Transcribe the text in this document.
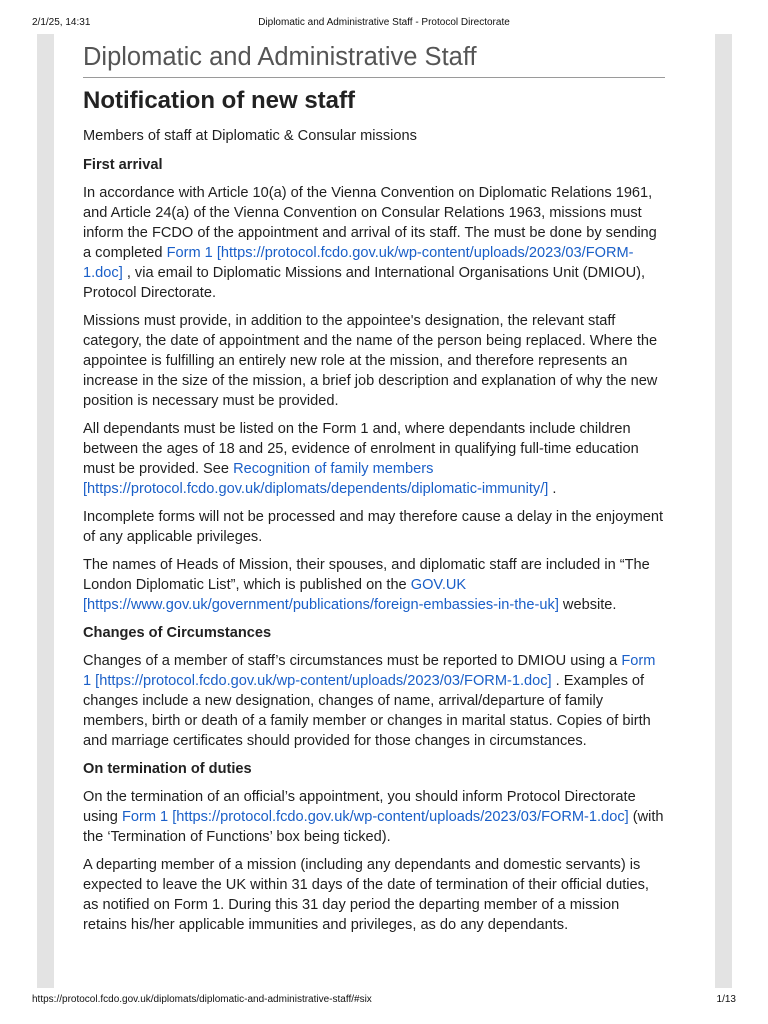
2/1/25, 14:31	Diplomatic and Administrative Staff - Protocol Directorate
Diplomatic and Administrative Staff
Notification of new staff

Members of staff at Diplomatic & Consular missions

First arrival

In accordance with Article 10(a) of the Vienna Convention on Diplomatic Relations 1961, and Article 24(a) of the Vienna Convention on Consular Relations 1963, missions must inform the FCDO of the appointment and arrival of its staff. The must be done by sending a completed Form 1 [https://protocol.fcdo.gov.uk/wp-content/uploads/2023/03/FORM-1.doc] , via email to Diplomatic Missions and International Organisations Unit (DMIOU), Protocol Directorate.

Missions must provide, in addition to the appointee's designation, the relevant staff category, the date of appointment and the name of the person being replaced. Where the appointee is fulfilling an entirely new role at the mission, and therefore represents an increase in the size of the mission, a brief job description and explanation of why the new position is necessary must be provided.

All dependants must be listed on the Form 1 and, where dependants include children between the ages of 18 and 25, evidence of enrolment in qualifying full-time education must be provided. See Recognition of family members [https://protocol.fcdo.gov.uk/diplomats/dependents/diplomatic-immunity/] .

Incomplete forms will not be processed and may therefore cause a delay in the enjoyment of any applicable privileges.

The names of Heads of Mission, their spouses, and diplomatic staff are included in “The London Diplomatic List”, which is published on the GOV.UK [https://www.gov.uk/government/publications/foreign-embassies-in-the-uk] website.

Changes of Circumstances

Changes of a member of staff’s circumstances must be reported to DMIOU using a Form 1 [https://protocol.fcdo.gov.uk/wp-content/uploads/2023/03/FORM-1.doc] . Examples of changes include a new designation, changes of name, arrival/departure of family members, birth or death of a family member or changes in marital status. Copies of birth and marriage certificates should provided for those changes in circumstances.

On termination of duties

On the termination of an official’s appointment, you should inform Protocol Directorate using Form 1 [https://protocol.fcdo.gov.uk/wp-content/uploads/2023/03/FORM-1.doc] (with the ‘Termination of Functions’ box being ticked).

A departing member of a mission (including any dependants and domestic servants) is expected to leave the UK within 31 days of the date of termination of their official duties, as notified on Form 1. During this 31 day period the departing member of a mission retains his/her applicable immunities and privileges, as do any dependants.

https://protocol.fcdo.gov.uk/diplomats/diplomatic-and-administrative-staff/#six	1/13
